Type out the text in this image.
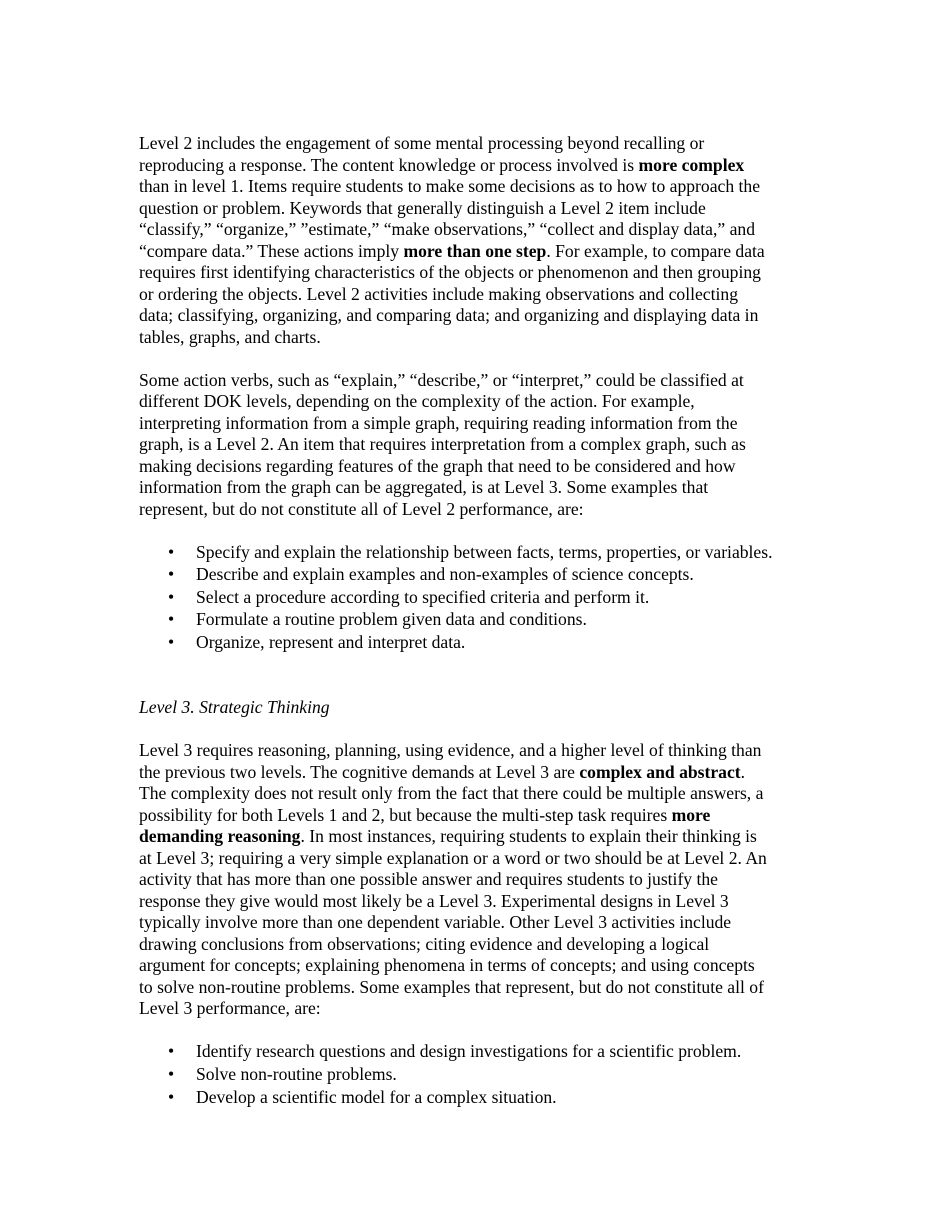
Level 2 includes the engagement of some mental processing beyond recalling or
reproducing a response. The content knowledge or process involved is more complex
than in level 1. Items require students to make some decisions as to how to approach the
question or problem. Keywords that generally distinguish a Level 2 item include
“classify,” “organize,” ”estimate,” “make observations,” “collect and display data,” and
“compare data.” These actions imply more than one step. For example, to compare data
requires first identifying characteristics of the objects or phenomenon and then grouping
or ordering the objects. Level 2 activities include making observations and collecting
data; classifying, organizing, and comparing data; and organizing and displaying data in
tables, graphs, and charts.

Some action verbs, such as “explain,” “describe,” or “interpret,” could be classified at
different DOK levels, depending on the complexity of the action. For example,
interpreting information from a simple graph, requiring reading information from the
graph, is a Level 2. An item that requires interpretation from a complex graph, such as
making decisions regarding features of the graph that need to be considered and how
information from the graph can be aggregated, is at Level 3. Some examples that
represent, but do not constitute all of Level 2 performance, are:

• Specify and explain the relationship between facts, terms, properties, or variables.
• Describe and explain examples and non-examples of science concepts.
• Select a procedure according to specified criteria and perform it.
• Formulate a routine problem given data and conditions.
• Organize, represent and interpret data.

Level 3. Strategic Thinking

Level 3 requires reasoning, planning, using evidence, and a higher level of thinking than
the previous two levels. The cognitive demands at Level 3 are complex and abstract.
The complexity does not result only from the fact that there could be multiple answers, a
possibility for both Levels 1 and 2, but because the multi-step task requires more
demanding reasoning. In most instances, requiring students to explain their thinking is
at Level 3; requiring a very simple explanation or a word or two should be at Level 2. An
activity that has more than one possible answer and requires students to justify the
response they give would most likely be a Level 3. Experimental designs in Level 3
typically involve more than one dependent variable. Other Level 3 activities include
drawing conclusions from observations; citing evidence and developing a logical
argument for concepts; explaining phenomena in terms of concepts; and using concepts
to solve non-routine problems. Some examples that represent, but do not constitute all of
Level 3 performance, are:

• Identify research questions and design investigations for a scientific problem.
• Solve non-routine problems.
• Develop a scientific model for a complex situation.
